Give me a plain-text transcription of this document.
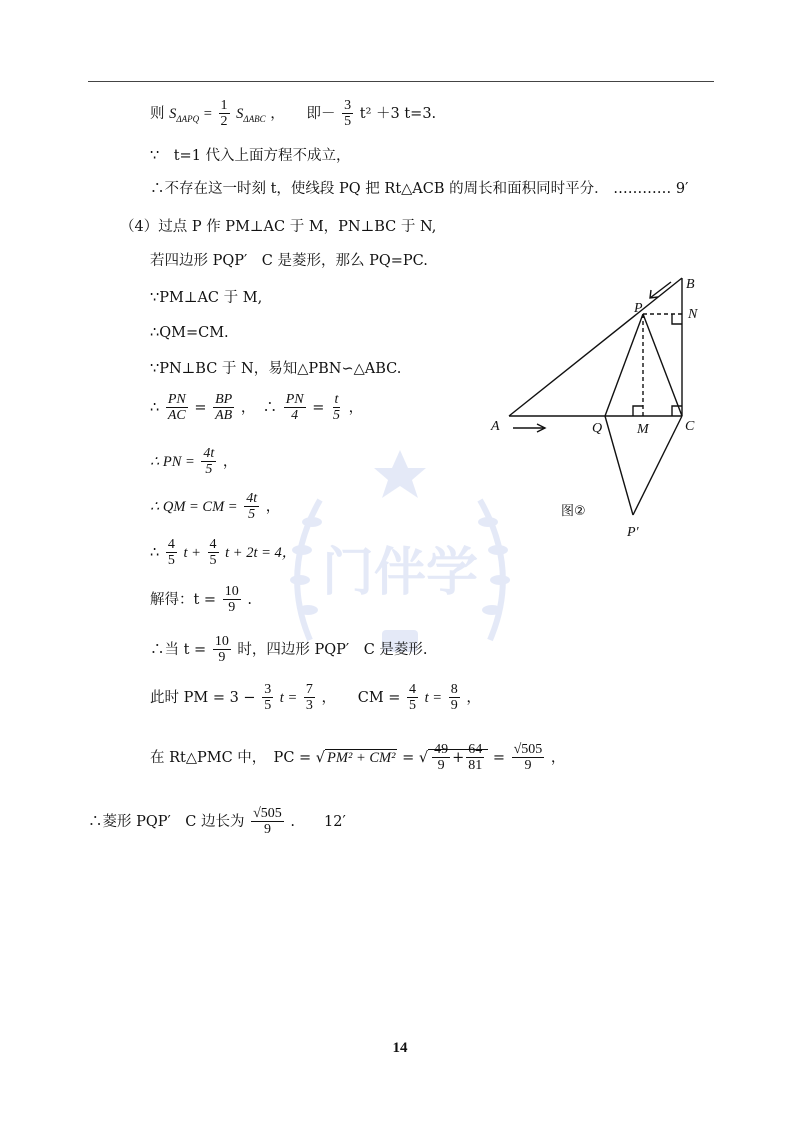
门伴学
则 $S_{\Delta APQ} = \frac{1}{2} S_{\Delta ABC}$ ，　　即－ $\frac{3}{5} t^2 +3$ t=3.
∵　t=1 代入上面方程不成立，
∴不存在这一时刻 t，使线段 PQ 把 Rt△ACB 的周长和面积同时平分． ………… 9′
（4）过点 P 作 PM⊥AC 于 M，PN⊥BC 于 N,
若四边形 PQP′　C 是菱形，那么 PQ=PC.
∵PM⊥AC 于 M,
∴QM=CM.
∵PN⊥BC 于 N，易知△PBN∽△ABC.
∴ $\frac{PN}{AC} = \frac{BP}{AB}$ ，　∴ $\frac{PN}{4} = \frac{t}{5}$ ，
∴ PN = $\frac{4t}{5}$ ，
∴ QM = CM = $\frac{4t}{5}$ ，
∴ $\frac{4}{5}$ $t + \frac{4}{5}$ t + 2t = 4，
解得：$t = \frac{10}{9}$ .
∴当 $t = \frac{10}{9}$ 时，四边形 PQP′　C 是菱形.
此时 PM = $3 - \frac{3}{5}$ $t = \frac{7}{3}$ ，　　CM = $\frac{4}{5}$ $t = \frac{8}{9}$ ，
在 Rt△PMC 中，　PC = √ PM² + CM² = √ $\frac{49}{9} + \frac{64}{81} = \frac{√505}{9}$ ，
∴菱形 PQP′　C 边长为 $\frac{√505}{9}$ .　　12′
A
B
C
P
Q M
N
P′
图②
14
